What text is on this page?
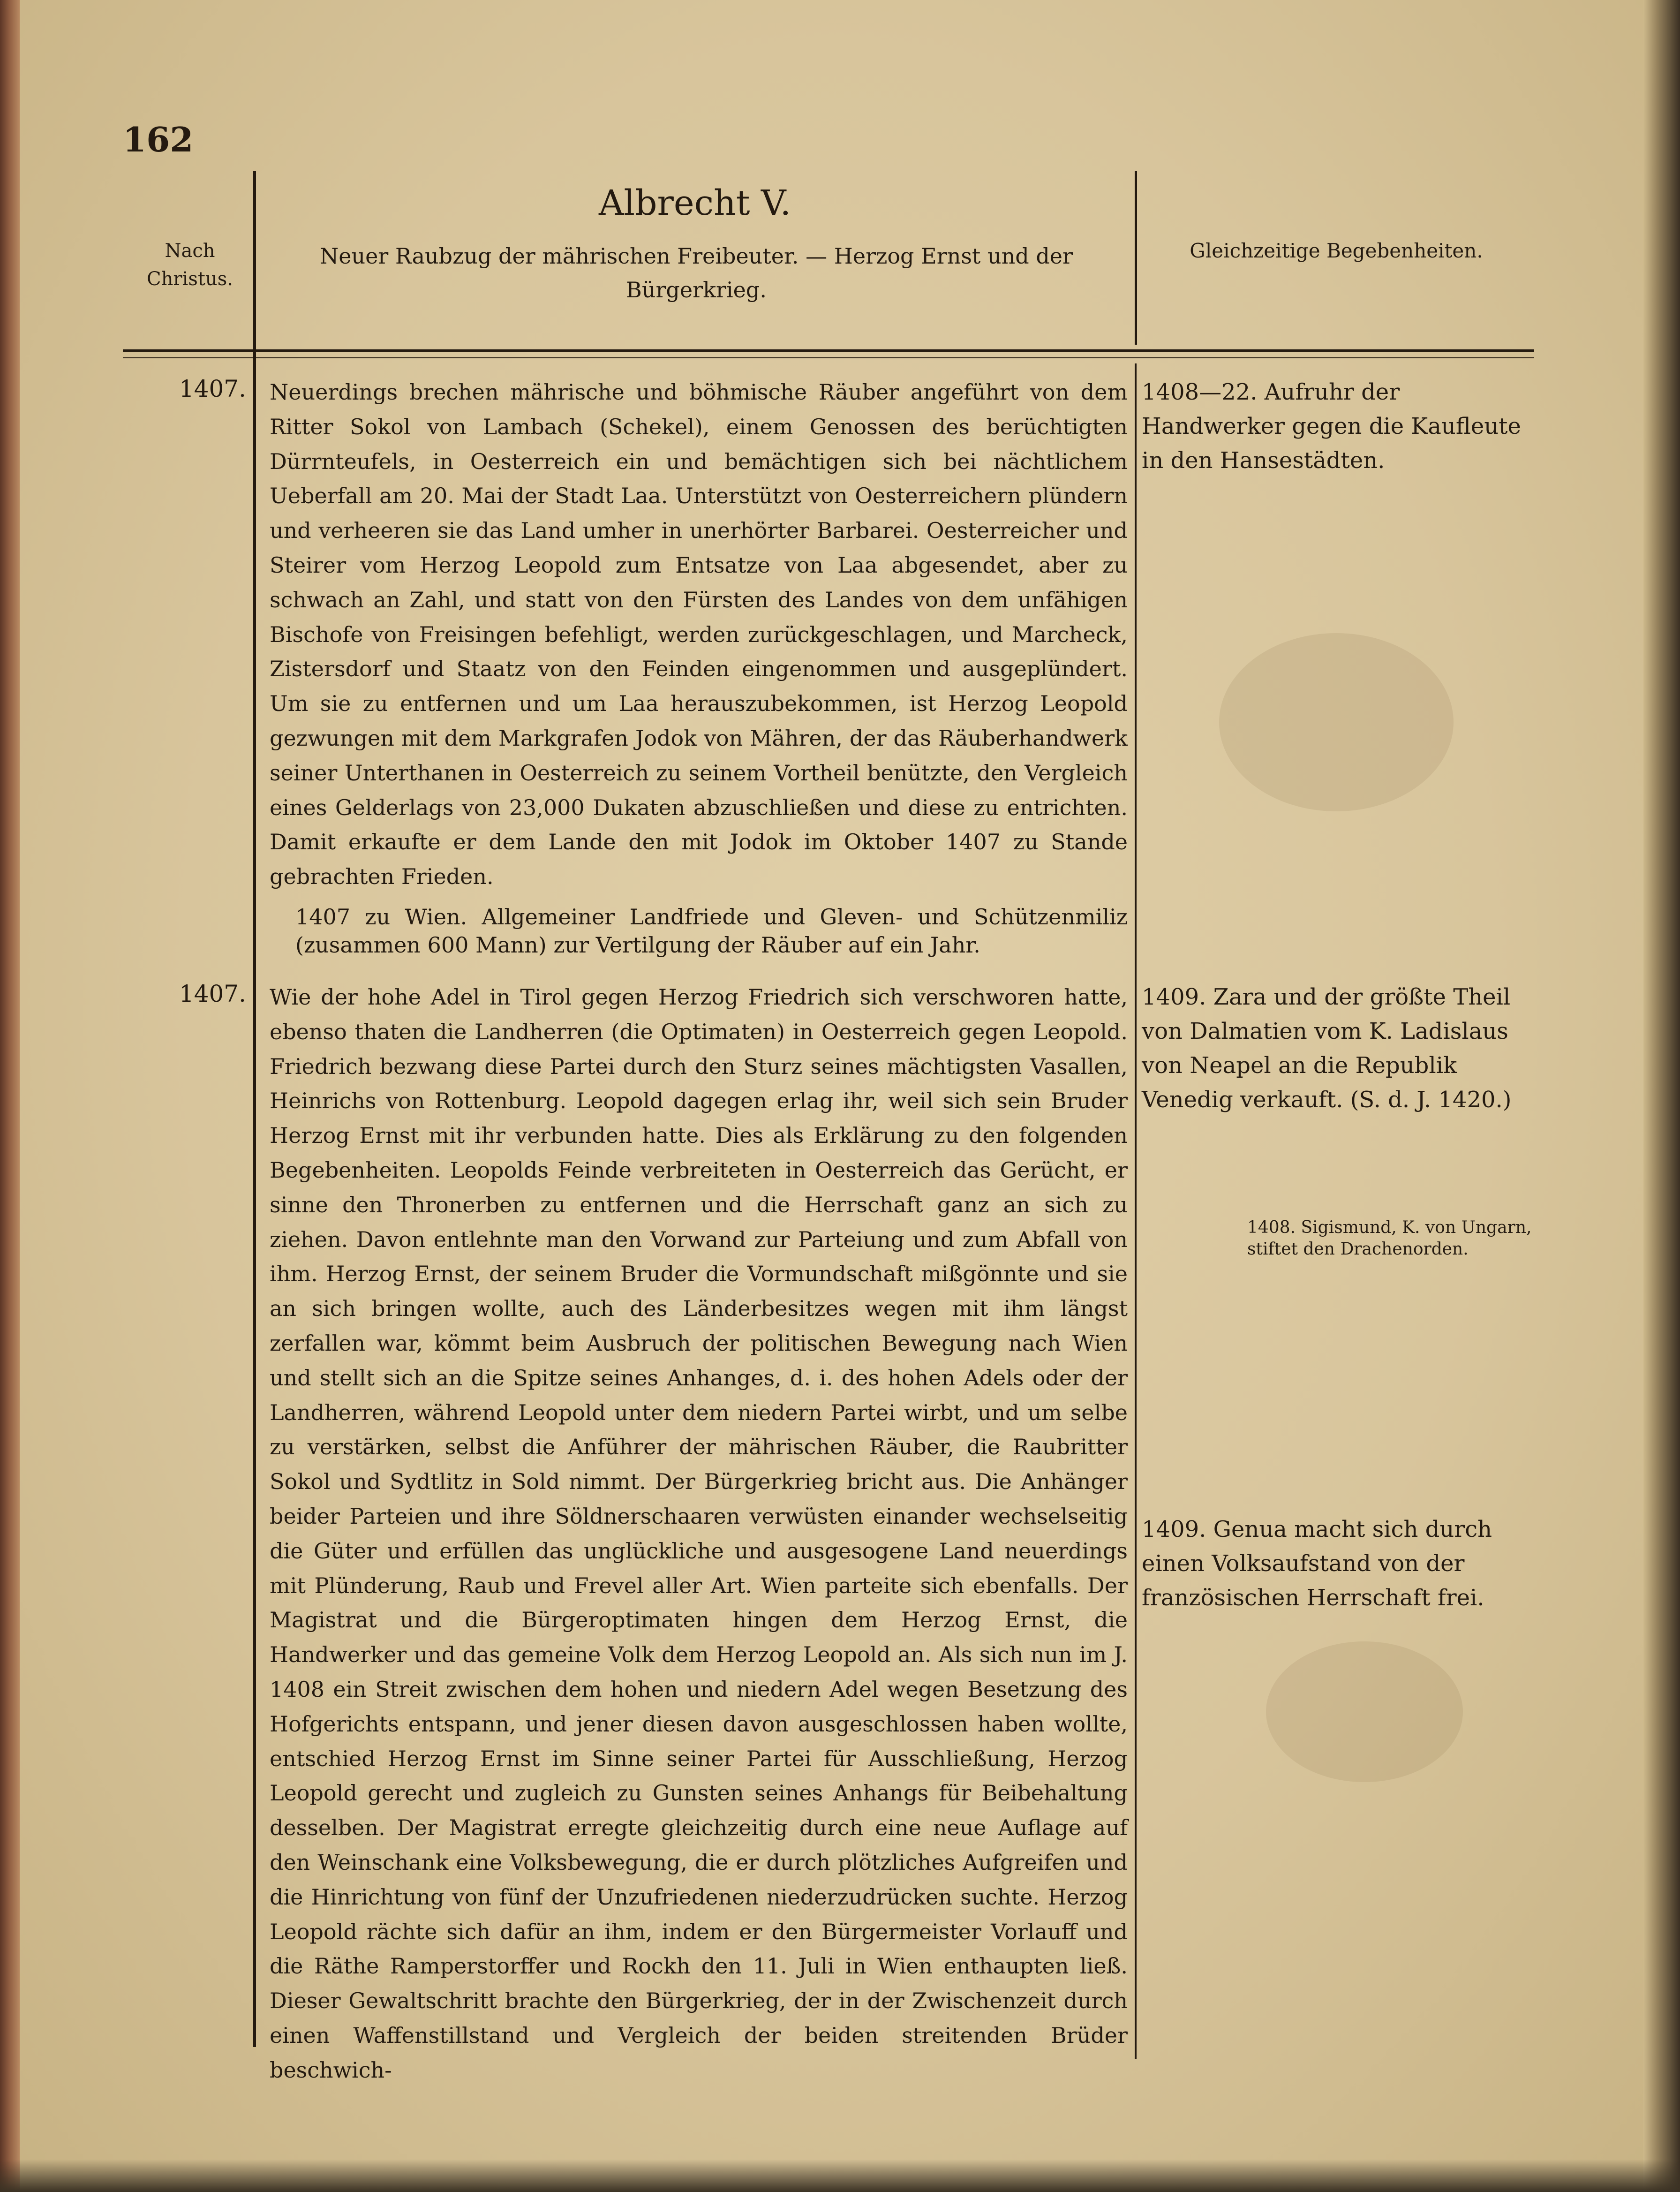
162
Nach Christus.
Albrecht V.
Neuer Raubzug der mährischen Freibeuter. — Herzog Ernst und der Bürgerkrieg.
Gleichzeitige Begebenheiten.
1407. Neuerdings brechen mährische und böhmische Räuber angeführt von dem Ritter Sokol von Lambach (Schekel), einem Genossen des berüchtigten Dürrnteufels, in Oesterreich ein und bemächtigen sich bei nächtlichem Ueberfall am 20. Mai der Stadt Laa. Unterstützt von Oesterreichern plündern und verheeren sie das Land umher in unerhörter Barbarei. Oesterreicher und Steirer vom Herzog Leopold zum Entsatze von Laa abgesendet, aber zu schwach an Zahl, und statt von den Fürsten des Landes von dem unfähigen Bischofe von Freisingen befehligt, werden zurückgeschlagen, und Marcheck, Zistersdorf und Staatz von den Feinden eingenommen und ausgeplündert. Um sie zu entfernen und um Laa herauszubekommen, ist Herzog Leopold gezwungen mit dem Markgrafen Jodok von Mähren, der das Räuberhandwerk seiner Unterthanen in Oesterreich zu seinem Vortheil benützte, den Vergleich eines Gelderlags von 23,000 Dukaten abzuschließen und diese zu entrichten. Damit erkaufte er dem Lande den mit Jodok im Oktober 1407 zu Stande gebrachten Frieden.

1407 zu Wien. Allgemeiner Landfriede und Gleven- und Schützenmiliz (zusammen 600 Mann) zur Vertilgung der Räuber auf ein Jahr.
1407. Wie der hohe Adel in Tirol gegen Herzog Friedrich sich verschworen hatte, ebenso thaten die Landherren (die Optimaten) in Oesterreich gegen Leopold. Friedrich bezwang diese Partei durch den Sturz seines mächtigsten Vasallen, Heinrichs von Rottenburg. Leopold dagegen erlag ihr, weil sich sein Bruder Herzog Ernst mit ihr verbunden hatte. Dies als Erklärung zu den folgenden Begebenheiten. Leopolds Feinde verbreiteten in Oesterreich das Gerücht, er sinne den Thronerben zu entfernen und die Herrschaft ganz an sich zu ziehen. Davon entlehnte man den Vorwand zur Parteiung und zum Abfall von ihm. Herzog Ernst, der seinem Bruder die Vormundschaft mißgönnte und sie an sich bringen wollte, auch des Länderbesitzes wegen mit ihm längst zerfallen war, kömmt beim Ausbruch der politischen Bewegung nach Wien und stellt sich an die Spitze seines Anhanges, d. i. des hohen Adels oder der Landherren, während Leopold unter dem niedern Partei wirbt, und um selbe zu verstärken, selbst die Anführer der mährischen Räuber, die Raubritter Sokol und Sydtlitz in Sold nimmt. Der Bürgerkrieg bricht aus. Die Anhänger beider Parteien und ihre Söldnerschaaren verwüsten einander wechselseitig die Güter und erfüllen das unglückliche und ausgesogene Land neuerdings mit Plünderung, Raub und Frevel aller Art. Wien parteite sich ebenfalls. Der Magistrat und die Bürgeroptimaten hingen dem Herzog Ernst, die Handwerker und das gemeine Volk dem Herzog Leopold an. Als sich nun im J. 1408 ein Streit zwischen dem hohen und niedern Adel wegen Besetzung des Hofgerichts entspann, und jener diesen davon ausgeschlossen haben wollte, entschied Herzog Ernst im Sinne seiner Partei für Ausschließung, Herzog Leopold gerecht und zugleich zu Gunsten seines Anhangs für Beibehaltung desselben. Der Magistrat erregte gleichzeitig durch eine neue Auflage auf den Weinschank eine Volksbewegung, die er durch plötzliches Aufgreifen und die Hinrichtung von fünf der Unzufriedenen niederzudrücken suchte. Herzog Leopold rächte sich dafür an ihm, indem er den Bürgermeister Vorlauff und die Räthe Ramperstorffer und Rockh den 11. Juli in Wien enthaupten ließ. Dieser Gewaltschritt brachte den Bürgerkrieg, der in der Zwischenzeit durch einen Waffenstillstand und Vergleich der beiden streitenden Brüder beschwich-

1408—22. Aufruhr der Handwerker gegen die Kaufleute in den Hansestädten.
1409. Zara und der größte Theil von Dalmatien vom K. Ladislaus von Neapel an die Republik Venedig verkauft. (S. d. J. 1420.)
1408. Sigismund, K. von Ungarn, stiftet den Drachenorden.
1409. Genua macht sich durch einen Volksaufstand von der französischen Herrschaft frei.
